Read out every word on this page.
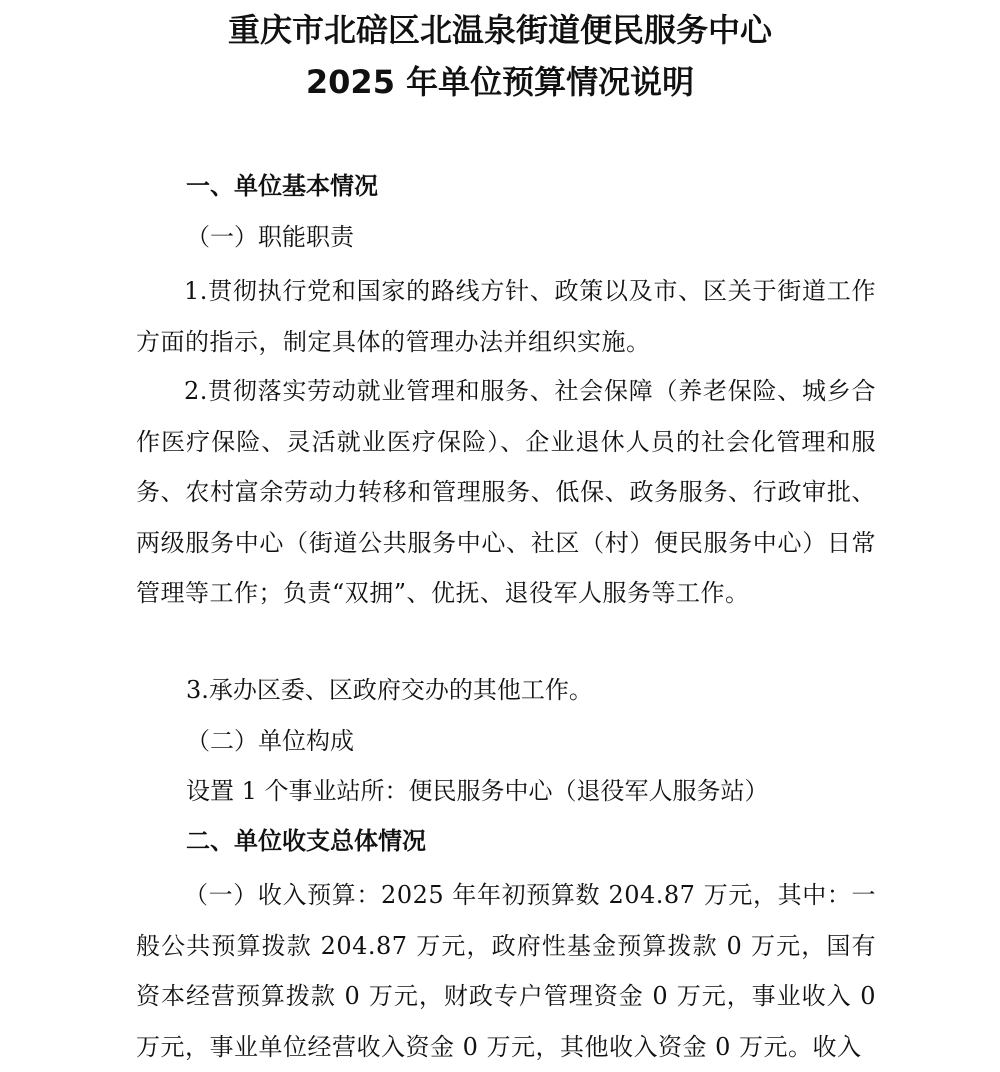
重庆市北碚区北温泉街道便民服务中心
2025 年单位预算情况说明
一、单位基本情况

（一）职能职责

1.贯彻执行党和国家的路线方针、政策以及市、区关于街道工作方面的指示，制定具体的管理办法并组织实施。

2.贯彻落实劳动就业管理和服务、社会保障（养老保险、城乡合作医疗保险、灵活就业医疗保险）、企业退休人员的社会化管理和服务、农村富余劳动力转移和管理服务、低保、政务服务、行政审批、两级服务中心（街道公共服务中心、社区（村）便民服务中心）日常管理等工作；负责“双拥”、优抚、退役军人服务等工作。

3.承办区委、区政府交办的其他工作。

（二）单位构成

设置 1 个事业站所：便民服务中心（退役军人服务站）

二、单位收支总体情况

（一）收入预算：2025 年年初预算数 204.87 万元，其中：一般公共预算拨款 204.87 万元，政府性基金预算拨款 0 万元，国有资本经营预算拨款 0 万元，财政专户管理资金 0 万元，事业收入 0 万元，事业单位经营收入资金 0 万元，其他收入资金 0 万元。收入
